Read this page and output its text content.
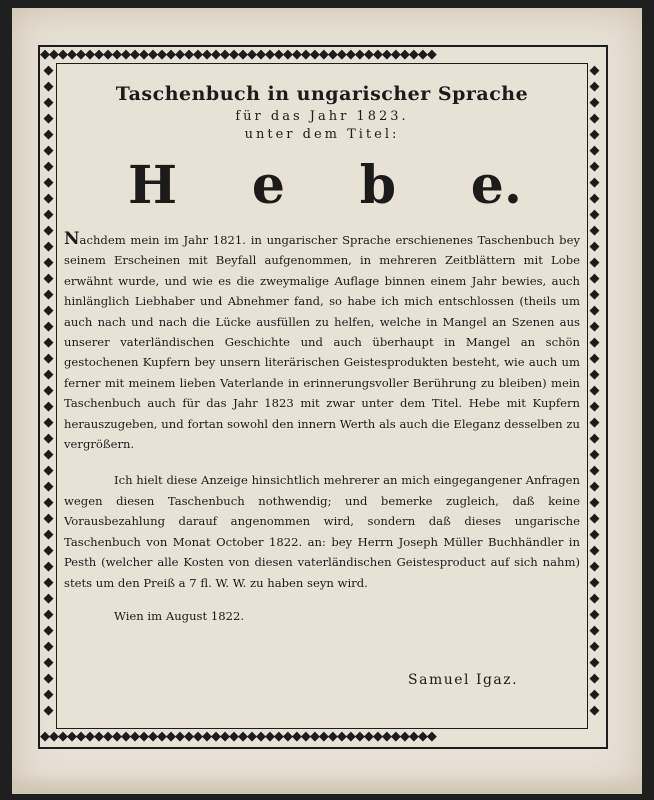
◆◆◆◆◆◆◆◆◆◆◆◆◆◆◆◆◆◆◆◆◆◆◆◆◆◆◆◆◆◆◆◆◆◆◆◆◆◆◆◆◆◆◆◆
◆◆◆◆◆◆◆◆◆◆◆◆◆◆◆◆◆◆◆◆◆◆◆◆◆◆◆◆◆◆◆◆◆◆◆◆◆◆◆◆◆◆◆◆
◆
◆
◆
◆
◆
◆
◆
◆
◆
◆
◆
◆
◆
◆
◆
◆
◆
◆
◆
◆
◆
◆
◆
◆
◆
◆
◆
◆
◆
◆
◆
◆
◆
◆
◆
◆
◆
◆
◆
◆
◆
◆
◆
◆
◆
◆
◆
◆
◆
◆
◆
◆
◆
◆
◆
◆
◆
◆
◆
◆
◆
◆
◆
◆
◆
◆
◆
◆
◆
◆
◆
◆
◆
◆
◆
◆
◆
◆
◆
◆
◆
◆

Taschenbuch in ungarischer Sprache

für das Jahr 1823.

unter dem Titel:

H e b e.

Nachdem mein im Jahr 1821. in ungarischer Sprache erschienenes Taschenbuch bey seinem Erscheinen mit Beyfall aufgenommen, in mehreren Zeitblättern mit Lobe erwähnt wurde, und wie es die zweymalige Auflage binnen einem Jahr bewies, auch hinlänglich Liebhaber und Abnehmer fand, so habe ich mich entschlossen (theils um auch nach und nach die Lücke ausfüllen zu helfen, welche in Mangel an Szenen aus unserer vaterländischen Geschichte und auch überhaupt in Mangel an schön gestochenen Kupfern bey unsern literärischen Geistesprodukten besteht, wie auch um ferner mit meinem lieben Vaterlande in erinnerungsvoller Berührung zu bleiben) mein Taschenbuch auch für das Jahr 1823 mit zwar unter dem Titel. Hebe mit Kupfern herauszugeben, und fortan sowohl den innern Werth als auch die Eleganz desselben zu vergrößern.

Ich hielt diese Anzeige hinsichtlich mehrerer an mich eingegangener Anfragen wegen diesen Taschenbuch nothwendig; und bemerke zugleich, daß keine Vorausbezahlung darauf angenommen wird, sondern daß dieses ungarische Taschenbuch von Monat October 1822. an: bey Herrn Joseph Müller Buchhändler in Pesth (welcher alle Kosten von diesen vaterländischen Geistesproduct auf sich nahm) stets um den Preiß a 7 fl. W. W. zu haben seyn wird.

Wien im August 1822.

Samuel Igaz.
